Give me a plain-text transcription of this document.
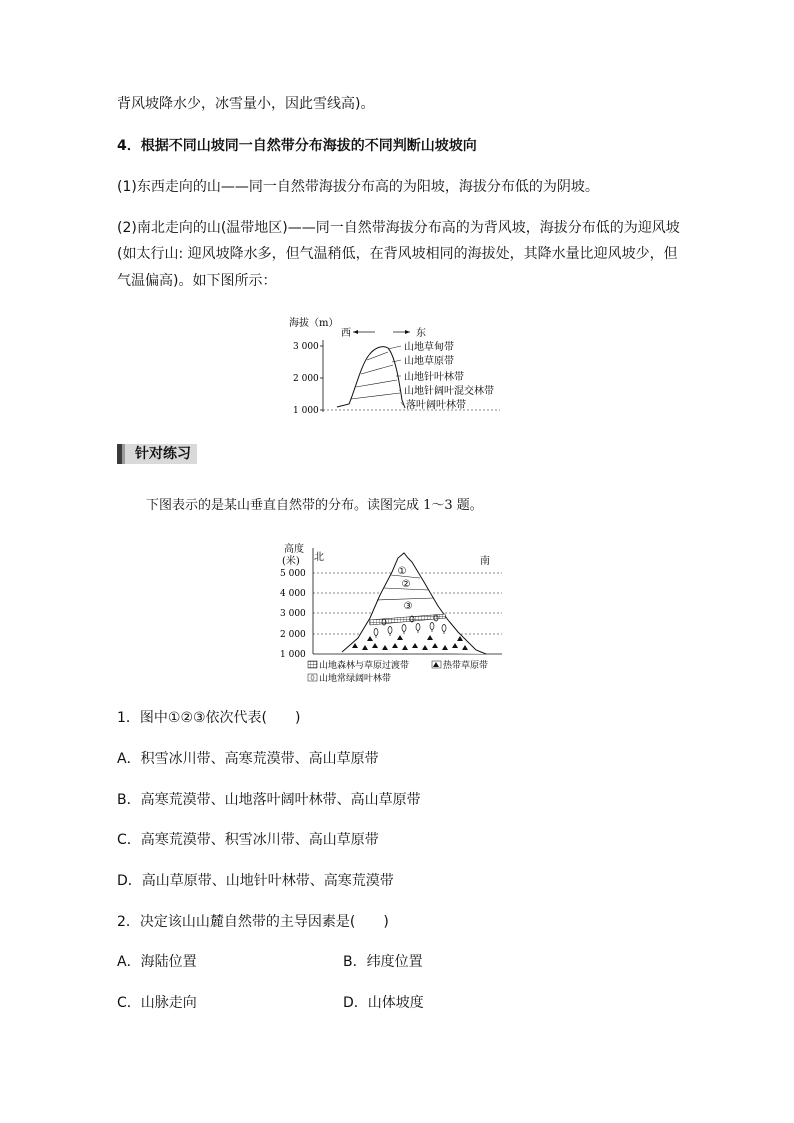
背风坡降水少，冰雪量小，因此雪线高)。
4．根据不同山坡同一自然带分布海拔的不同判断山坡坡向
(1)东西走向的山——同一自然带海拔分布高的为阳坡，海拔分布低的为阴坡。
(2)南北走向的山(温带地区)——同一自然带海拔分布高的为背风坡，海拔分布低的为迎风坡
(如太行山: 迎风坡降水多，但气温稍低，在背风坡相同的海拔处，其降水量比迎风坡少，但
气温偏高)。如下图所示：
海拔（m）
西	东
3 000
2 000
1 000
山地草甸带
山地草原带
山地针叶林带
山地针阔叶混交林带
落叶阔叶林带
针对练习
下图表示的是某山垂直自然带的分布。读图完成 1～3 题。
高度
(米) 北	南
5 000
4 000
3 000
2 000
1 000
①
②
③
山地森林与草原过渡带	热带草原带
山地常绿阔叶林带
1．图中①②③依次代表(　　)
A．积雪冰川带、高寒荒漠带、高山草原带
B．高寒荒漠带、山地落叶阔叶林带、高山草原带
C．高寒荒漠带、积雪冰川带、高山草原带
D．高山草原带、山地针叶林带、高寒荒漠带
2．决定该山山麓自然带的主导因素是(　　)
A．海陆位置	B．纬度位置
C．山脉走向	D．山体坡度
